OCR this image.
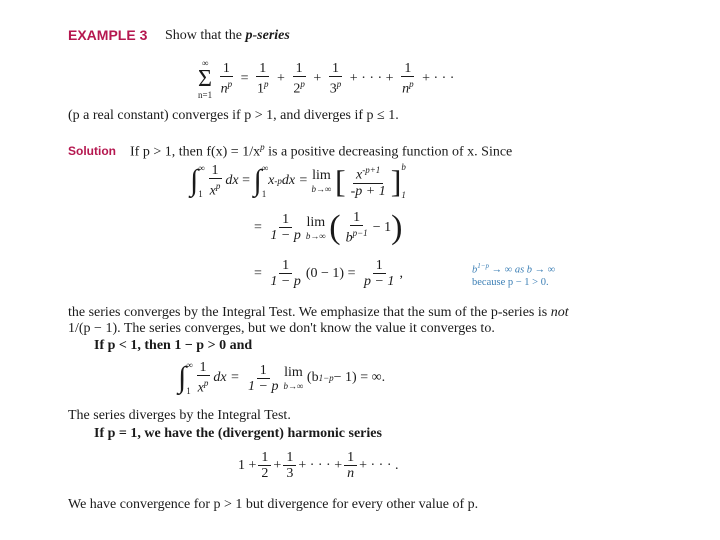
EXAMPLE 3 Show that the p-series
∞
Σ
n=1
$\frac{1}{n^p} = \frac{1}{1^p} + \frac{1}{2^p} + \frac{1}{3^p}$ + · · · + $\frac{1}{n^p}$ + · · ·
(p a real constant) converges if p > 1, and diverges if p ≤ 1.
Solution If p > 1, then $f(x) = 1/x^p$ is a positive decreasing function of x. Since
∫ ∞
$1 \frac{1}{x^p}$ dx
=
∫ ∞
1
x -p dx =
lim
b→∞
[ $\frac{x^{-p+1}}{-p + 1}$ ] b
1
=
$\frac{1}{1 - p}$ lim
b→∞
( $\frac{1}{b^{p-1}} - 1$ )
=
$\frac{1}{1 - p} (0 - 1)$ =
$\frac{1}{p - 1}$ ,	$b^{1-p}$ → ∞ as b → ∞
because p − 1 > 0.
the series converges by the Integral Test. We emphasize that the sum of the p-series is not
1/(p − 1). The series converges, but we don't know the value it converges to.
If p < 1, then 1 − p > 0 and
∫ ∞
$1 \frac{1}{x^p}$ dx =
$\frac{1}{1 - p}$ lim
b→∞

(b 1−p − 1) = ∞.
The series diverges by the Integral Test.
If p = 1, we have the (divergent) harmonic series
$1 + \frac{1}{2} + \frac{1}{3}$ + · · · + $\frac{1}{n}$ + · · · .
We have convergence for p > 1 but divergence for every other value of p.
